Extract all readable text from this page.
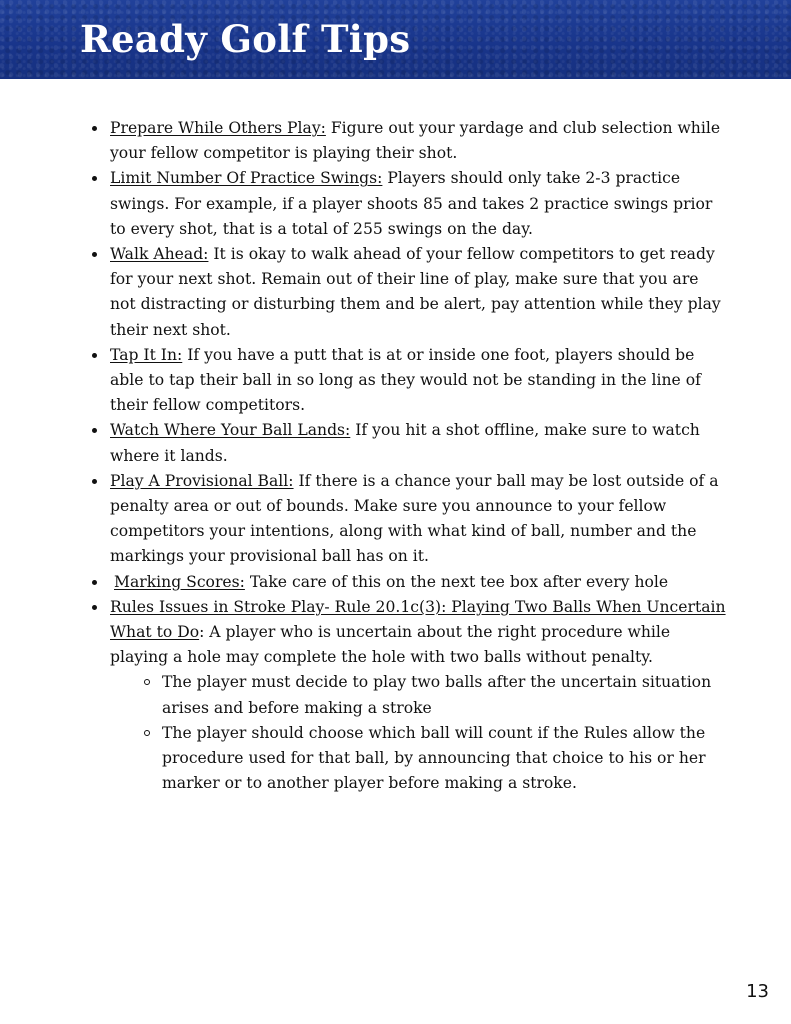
Ready Golf Tips
Prepare While Others Play: Figure out your yardage and club selection while your fellow competitor is playing their shot.
Limit Number Of Practice Swings: Players should only take 2-3 practice swings. For example, if a player shoots 85 and takes 2 practice swings prior to every shot, that is a total of 255 swings on the day.
Walk Ahead: It is okay to walk ahead of your fellow competitors to get ready for your next shot. Remain out of their line of play, make sure that you are not distracting or disturbing them and be alert, pay attention while they play their next shot.
Tap It In: If you have a putt that is at or inside one foot, players should be able to tap their ball in so long as they would not be standing in the line of their fellow competitors.
Watch Where Your Ball Lands: If you hit a shot offline, make sure to watch where it lands.
Play A Provisional Ball: If there is a chance your ball may be lost outside of a penalty area or out of bounds. Make sure you announce to your fellow competitors your intentions, along with what kind of ball, number and the markings your provisional ball has on it.
Marking Scores: Take care of this on the next tee box after every hole
Rules Issues in Stroke Play- Rule 20.1c(3): Playing Two Balls When Uncertain What to Do: A player who is uncertain about the right procedure while playing a hole may complete the hole with two balls without penalty.
The player must decide to play two balls after the uncertain situation arises and before making a stroke
The player should choose which ball will count if the Rules allow the procedure used for that ball, by announcing that choice to his or her marker or to another player before making a stroke.
13
